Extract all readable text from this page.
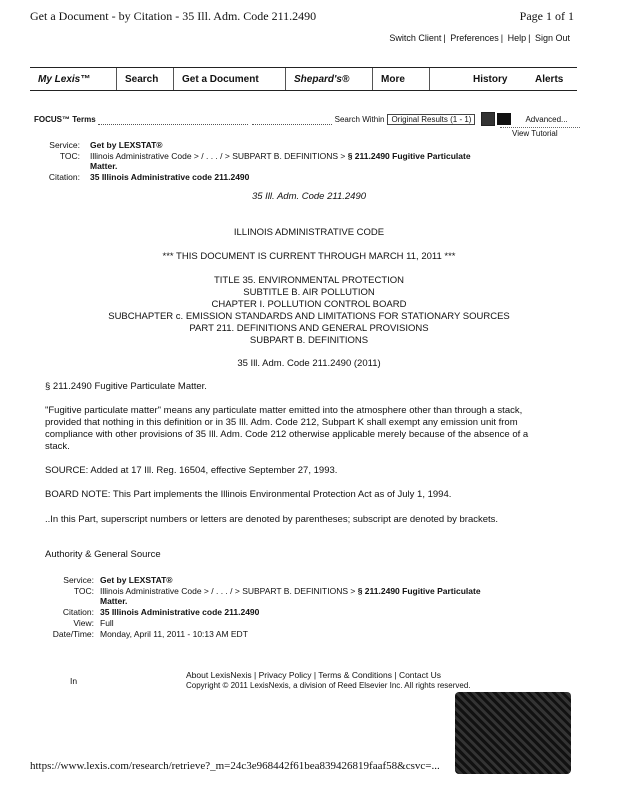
Get a Document - by Citation - 35 Ill. Adm. Code 211.2490	Page 1 of 1
Switch Client | Preferences | Help | Sign Out
My Lexis™	Search	Get a Document	Shepard's®	More	History	Alerts
FOCUS™ Terms	Search Within Original Results (1 - 1)	Advanced...
View Tutorial
Service: Get by LEXSTAT®
TOC: Illinois Administrative Code > / . . . / > SUBPART B. DEFINITIONS > § 211.2490 Fugitive Particulate
Matter.
Citation: 35 Illinois Administrative code 211.2490
35 Ill. Adm. Code 211.2490
ILLINOIS ADMINISTRATIVE CODE
*** THIS DOCUMENT IS CURRENT THROUGH MARCH 11, 2011 ***
TITLE 35. ENVIRONMENTAL PROTECTION
SUBTITLE B. AIR POLLUTION
CHAPTER I. POLLUTION CONTROL BOARD
SUBCHAPTER c. EMISSION STANDARDS AND LIMITATIONS FOR STATIONARY SOURCES
PART 211. DEFINITIONS AND GENERAL PROVISIONS
SUBPART B. DEFINITIONS
35 Ill. Adm. Code 211.2490 (2011)
§ 211.2490 Fugitive Particulate Matter.
"Fugitive particulate matter" means any particulate matter emitted into the atmosphere other than through a stack, provided that nothing in this definition or in 35 Ill. Adm. Code 212, Subpart K shall exempt any emission unit from compliance with other provisions of 35 Ill. Adm. Code 212 otherwise applicable merely because of the absence of a stack.
SOURCE: Added at 17 Ill. Reg. 16504, effective September 27, 1993.
BOARD NOTE: This Part implements the Illinois Environmental Protection Act as of July 1, 1994.
..In this Part, superscript numbers or letters are denoted by parentheses; subscript are denoted by brackets.
Authority & General Source
Service: Get by LEXSTAT®
TOC: Illinois Administrative Code > / . . . / > SUBPART B. DEFINITIONS > § 211.2490 Fugitive Particulate
Matter.
Citation: 35 Illinois Administrative code 211.2490
View: Full
Date/Time: Monday, April 11, 2011 - 10:13 AM EDT
In
About LexisNexis | Privacy Policy | Terms & Conditions | Contact Us
Copyright © 2011 LexisNexis, a division of Reed Elsevier Inc. All rights reserved.
https://www.lexis.com/research/retrieve?_m=24c3e968442f61bea839426819faaf58&csvc=...
